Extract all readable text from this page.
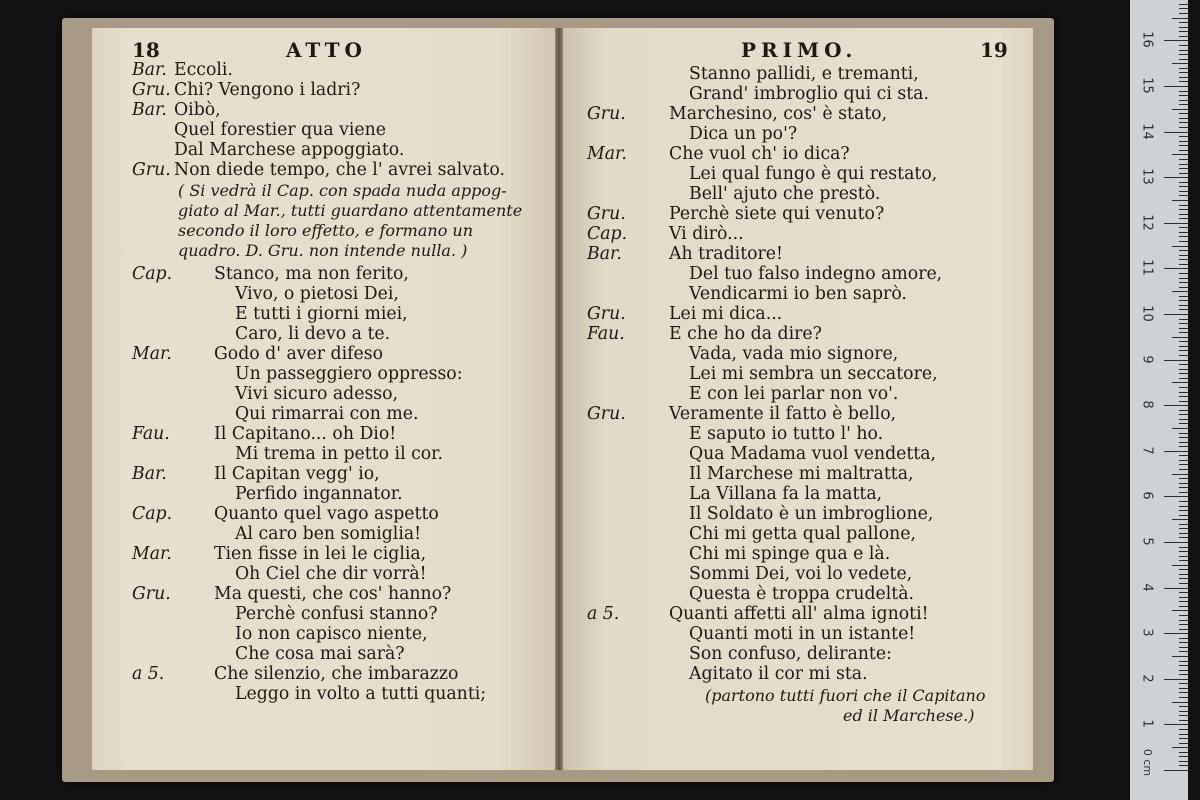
18	ATTO
Bar. Eccoli.
Gru. Chi? Vengono i ladri?
Bar. Oibò,
Quel forestier qua viene
Dal Marchese appoggiato.
Gru. Non diede tempo, che l' avrei salvato.
( Si vedrà il Cap. con spada nuda appog-
giato al Mar., tutti guardano attentamente
secondo il loro effetto, e formano un
quadro. D. Gru. non intende nulla. )
Cap. Stanco, ma non ferito,
Vivo, o pietosi Dei,
E tutti i giorni miei,
Caro, li devo a te.
Mar. Godo d' aver difeso
Un passeggiero oppresso:
Vivi sicuro adesso,
Qui rimarrai con me.
Fau.	Il Capitano... oh Dio!
Mi trema in petto il cor.
Bar.	Il Capitan vegg' io,
Perfido ingannator.
Cap. Quanto quel vago aspetto
Al caro ben somiglia!
Mar. Tien fisse in lei le ciglia,
Oh Ciel che dir vorrà!
Gru.	Ma questi, che cos' hanno?
Perchè confusi stanno?
Io non capisco niente,
Che cosa mai sarà?
a 5.	Che silenzio, che imbarazzo
Leggo in volto a tutti quanti;
PRIMO.	19
Stanno pallidi, e tremanti,
Grand' imbroglio qui ci sta.
Gru.	Marchesino, cos' è stato,
Dica un po'?
Mar. Che vuol ch' io dica?
Lei qual fungo è qui restato,
Bell' ajuto che prestò.
Gru.	Perchè siete qui venuto?
Cap. Vi dirò...
Bar.	Ah traditore!
Del tuo falso indegno amore,
Vendicarmi io ben saprò.
Gru.	Lei mi dica...
Fau.	E che ho da dire?
Vada, vada mio signore,
Lei mi sembra un seccatore,
E con lei parlar non vo'.
Gru.	Veramente il fatto è bello,
E saputo io tutto l' ho.
Qua Madama vuol vendetta,
Il Marchese mi maltratta,
La Villana fa la matta,
Il Soldato è un imbroglione,
Chi mi getta qual pallone,
Chi mi spinge qua e là.
Sommi Dei, voi lo vedete,
Questa è troppa crudeltà.
a 5.	Quanti affetti all' alma ignoti!
Quanti moti in un istante!
Son confuso, delirante:
Agitato il cor mi sta.
(partono tutti fuori che il Capitano
ed il Marchese.)
0 cm
1
2
3
4
5
6
7
8
9
10
11
12
13
14
15
16
